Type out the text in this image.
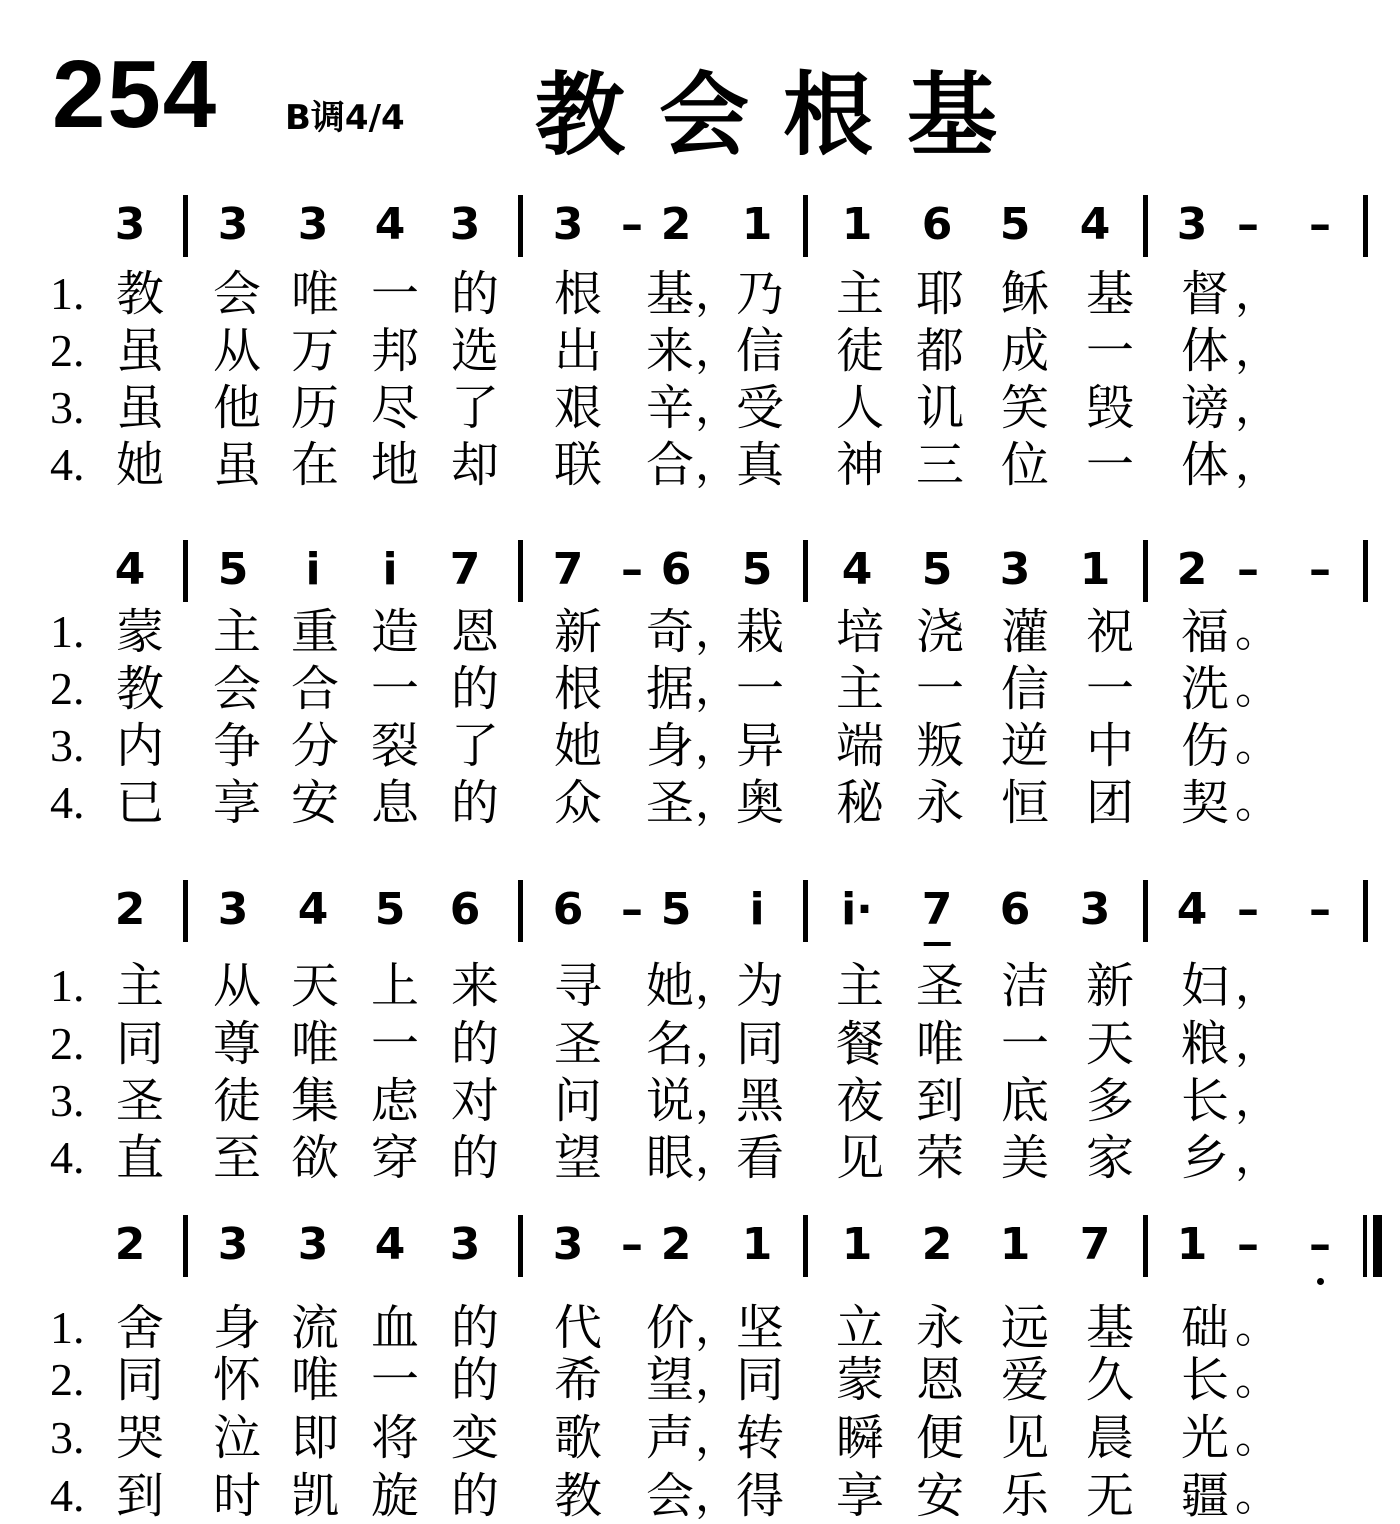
254 B调4/4 教会根基
3 3 3 4 3 3 – 2 1 1 6 5 4 3 – –
1. 教 会 唯 一 的 根 基 乃 主 耶 稣 基 督
，	，
2. 虽 从 万 邦 选 出 来 信 徒 都 成 一 体
，	，
3. 虽 他 历 尽 了 艰 辛 受 人 讥 笑 毁 谤
，	，
4. 她 虽 在 地 却 联 合 真 神 三 位 一 体
，	，
4 5 i i 7 7 – 6 5 4 5 3 1 2 – –
1. 蒙 主 重 造 恩 新 奇 栽 培 浇 灌 祝 福
，	。
2. 教 会 合 一 的 根 据 一 主 一 信 一 洗
，	。
3. 内 争 分 裂 了 她 身 异 端 叛 逆 中 伤
，	。
4. 已 享 安 息 的 众 圣 奥 秘 永 恒 团 契
，	。
2 3 4 5 6 6 – 5 i i· 7 6 3 4 – –
1. 主 从 天 上 来 寻 她 为 主 圣 洁 新 妇
，	，
2. 同 尊 唯 一 的 圣 名 同 餐 唯 一 天 粮
，	，
3. 圣 徒 集 虑 对 问 说 黑 夜 到 底 多 长
，	，
4. 直 至 欲 穿 的 望 眼 看 见 荣 美 家 乡
，	，
2 3 3 4 3 3 – 2 1 1 2 1 7 1 – –
1. 舍 身 流 血 的 代 价 坚 立 永 远 基 础
，	。
2. 同 怀 唯 一 的 希 望 同 蒙 恩 爱 久 长
，	。
3. 哭 泣 即 将 变 歌 声 转 瞬 便 见 晨 光
，	。
4. 到 时 凯 旋 的 教 会 得 享 安 乐 无 疆
，	。
